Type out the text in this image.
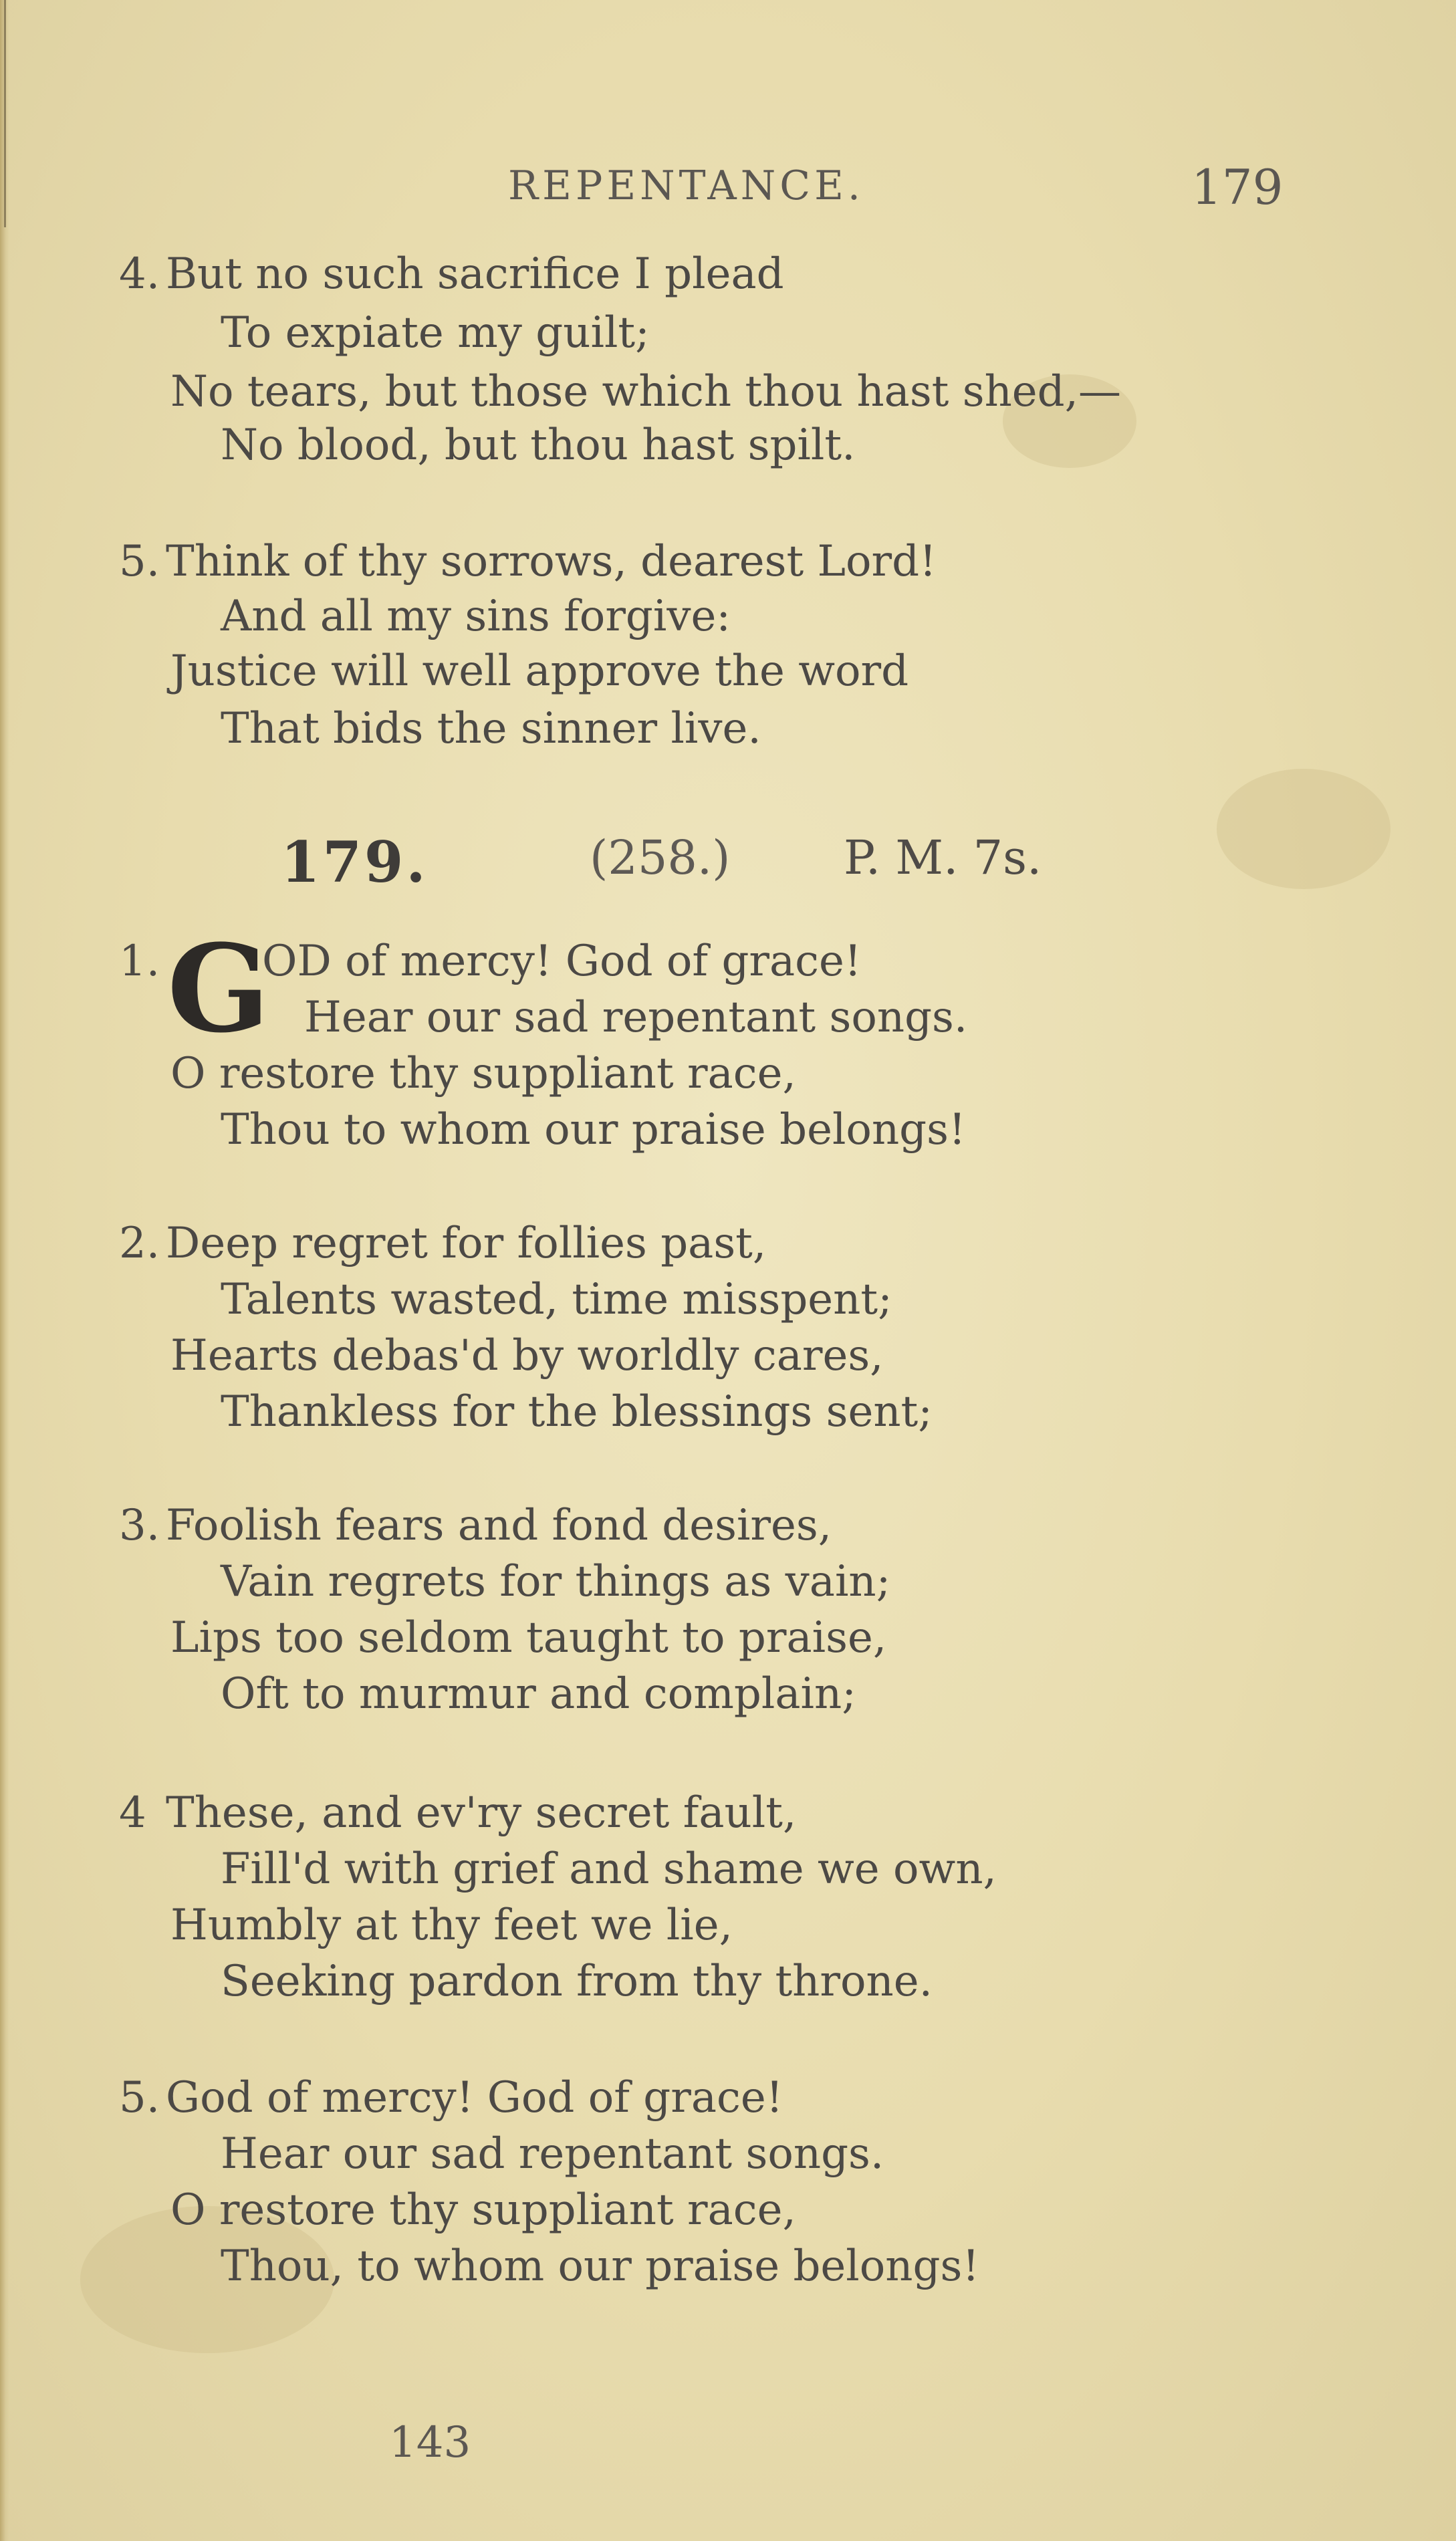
REPENTANCE.	179
4. But no such sacrifice I plead
To expiate my guilt;
No tears, but those which thou hast shed,—
No blood, but thou hast spilt.
5. Think of thy sorrows, dearest Lord!
And all my sins forgive:
Justice will well approve the word
That bids the sinner live.
179.	(258.) P. M. 7s.
1. G
OD of mercy! God of grace!
Hear our sad repentant songs.
O restore thy suppliant race,
Thou to whom our praise belongs!
2. Deep regret for follies past,
Talents wasted, time misspent;
Hearts debas'd by worldly cares,
Thankless for the blessings sent;
3. Foolish fears and fond desires,
Vain regrets for things as vain;
Lips too seldom taught to praise,
Oft to murmur and complain;
4 These, and ev'ry secret fault,
Fill'd with grief and shame we own,
Humbly at thy feet we lie,
Seeking pardon from thy throne.
5. God of mercy! God of grace!
Hear our sad repentant songs.
O restore thy suppliant race,
Thou, to whom our praise belongs!
143
